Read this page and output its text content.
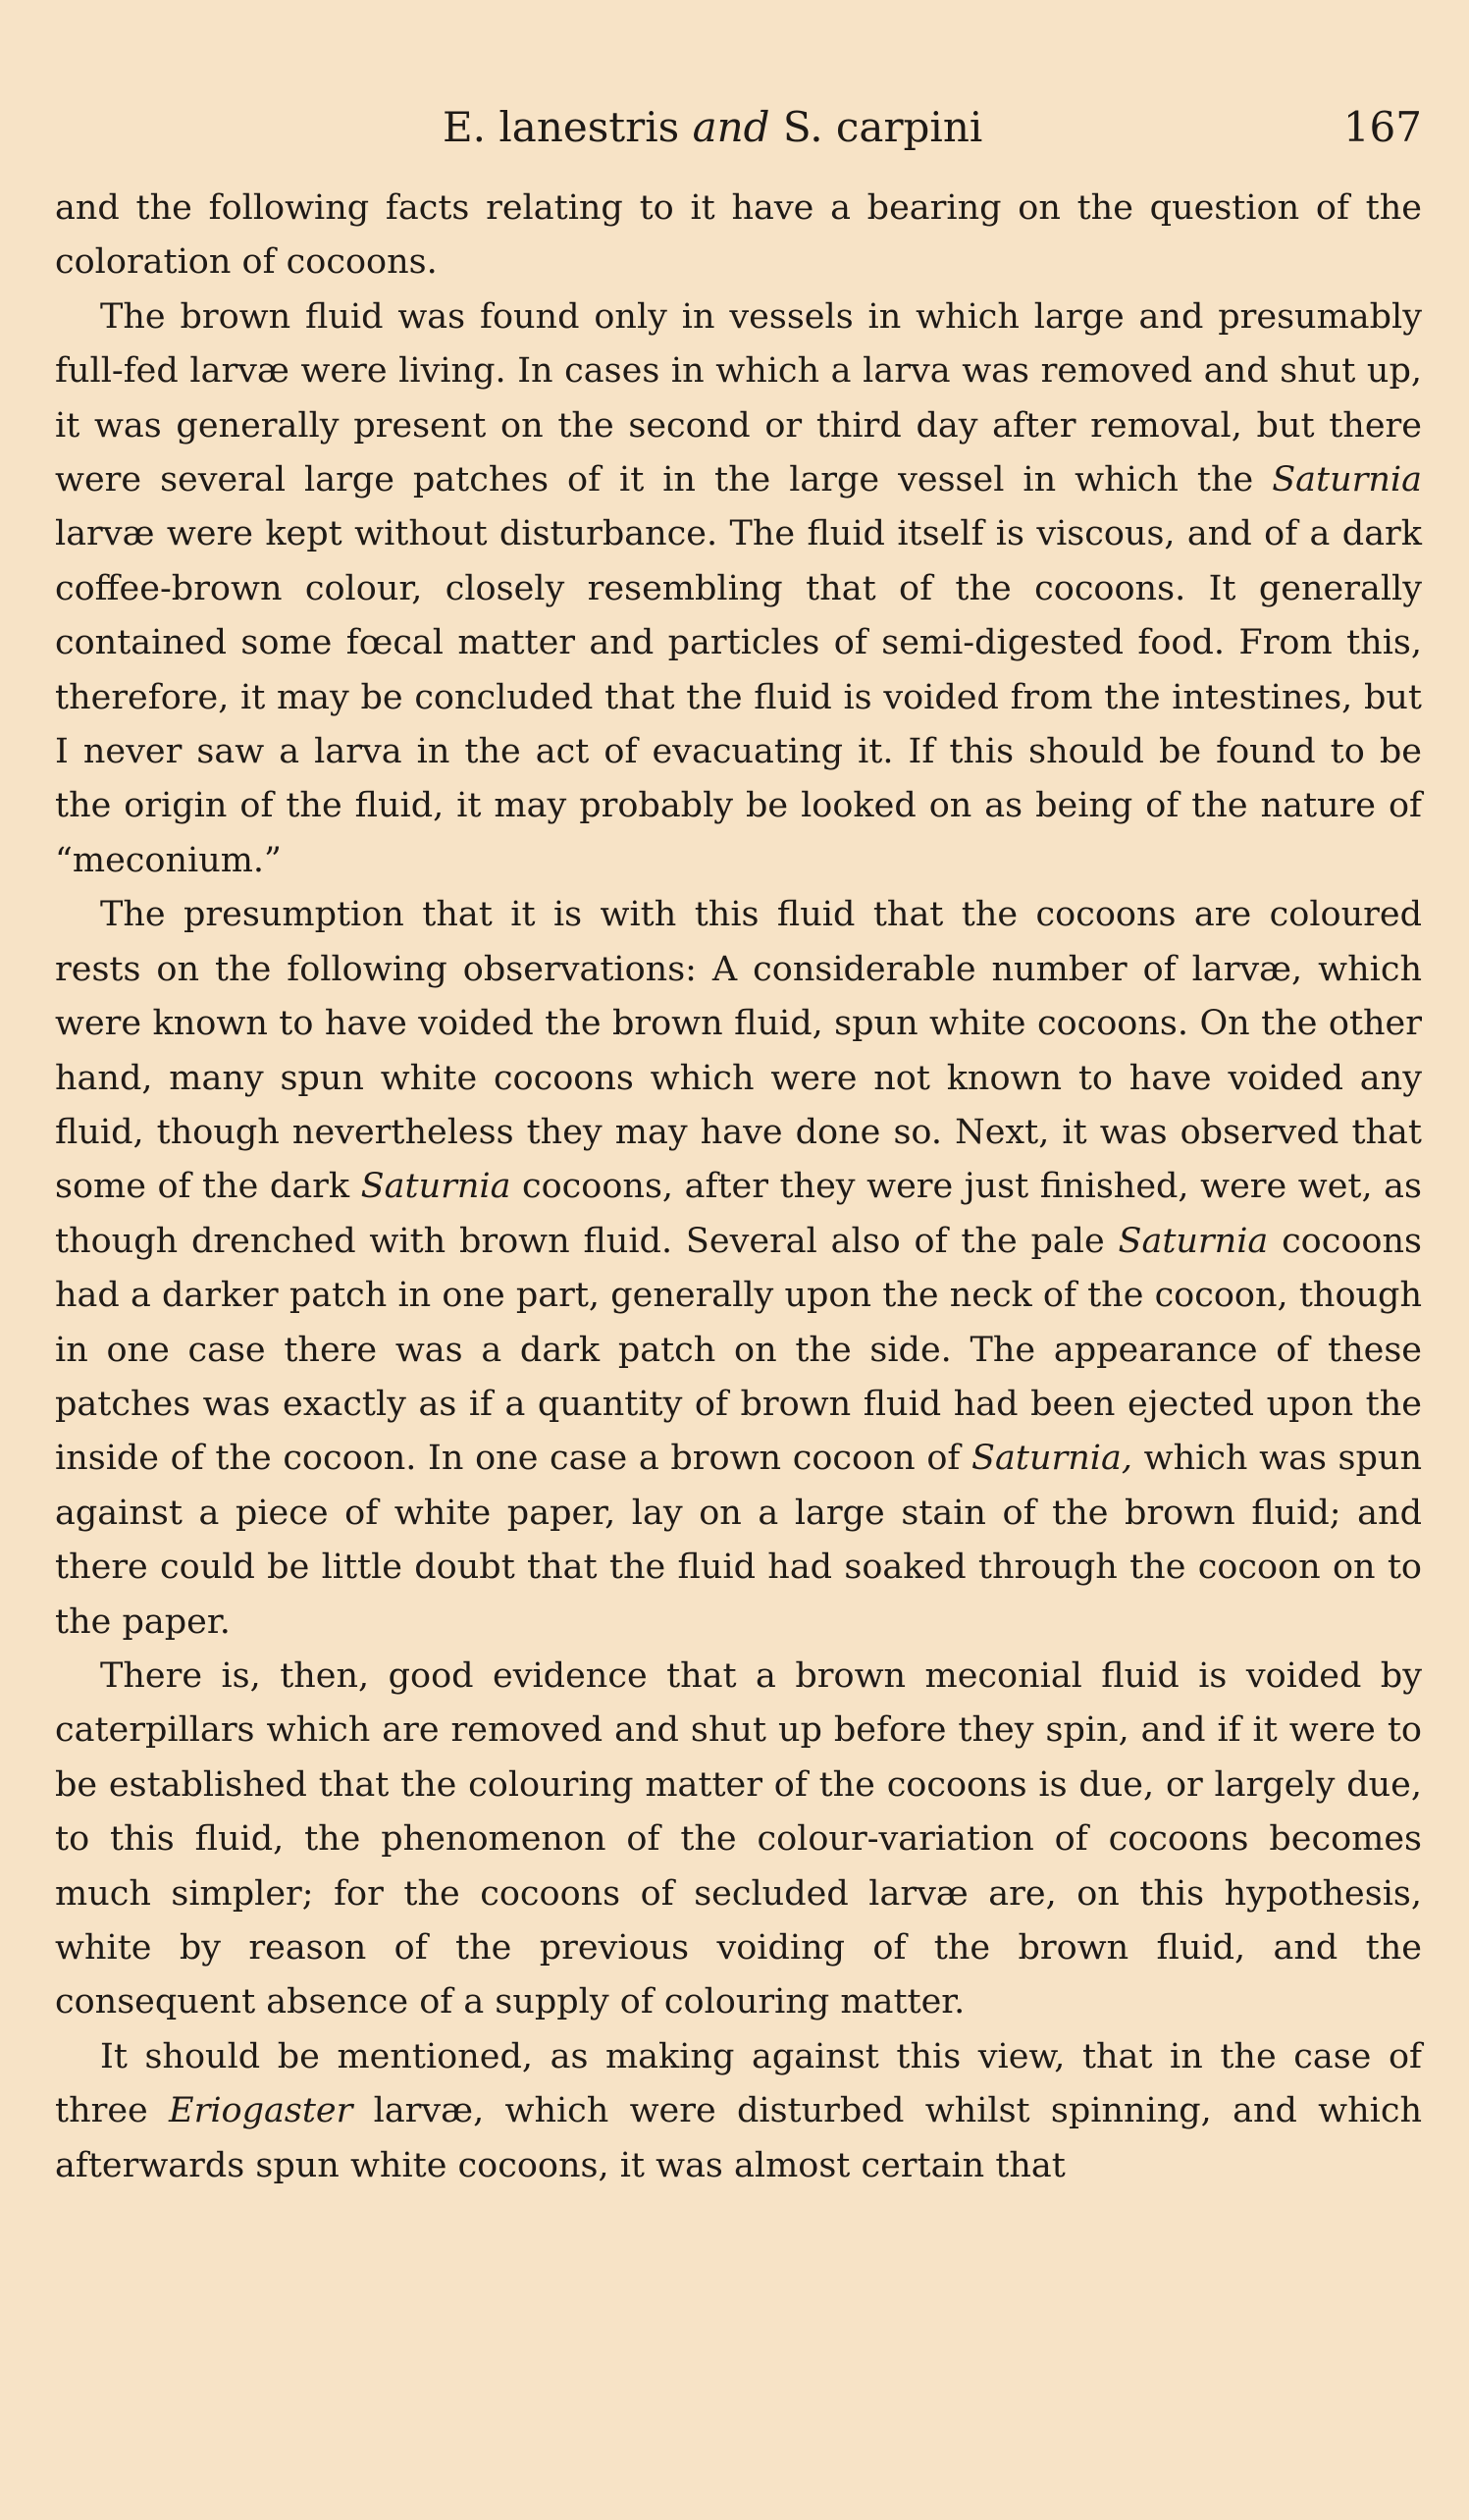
E. lanestris and S. carpini	167

and the following facts relating to it have a bearing on the question of the coloration of cocoons.

The brown fluid was found only in vessels in which large and presumably full-fed larvæ were living. In cases in which a larva was removed and shut up, it was generally present on the second or third day after removal, but there were several large patches of it in the large vessel in which the Saturnia larvæ were kept without disturbance. The fluid itself is viscous, and of a dark coffee-brown colour, closely resembling that of the cocoons. It generally contained some fœcal matter and particles of semi-digested food. From this, therefore, it may be concluded that the fluid is voided from the intestines, but I never saw a larva in the act of evacuating it. If this should be found to be the origin of the fluid, it may probably be looked on as being of the nature of “meconium.”

The presumption that it is with this fluid that the cocoons are coloured rests on the following observations: A considerable number of larvæ, which were known to have voided the brown fluid, spun white cocoons. On the other hand, many spun white cocoons which were not known to have voided any fluid, though nevertheless they may have done so. Next, it was observed that some of the dark Saturnia cocoons, after they were just finished, were wet, as though drenched with brown fluid. Several also of the pale Saturnia cocoons had a darker patch in one part, generally upon the neck of the cocoon, though in one case there was a dark patch on the side. The appearance of these patches was exactly as if a quantity of brown fluid had been ejected upon the inside of the cocoon. In one case a brown cocoon of Saturnia, which was spun against a piece of white paper, lay on a large stain of the brown fluid; and there could be little doubt that the fluid had soaked through the cocoon on to the paper.

There is, then, good evidence that a brown meconial fluid is voided by caterpillars which are removed and shut up before they spin, and if it were to be established that the colouring matter of the cocoons is due, or largely due, to this fluid, the phenomenon of the colour-variation of cocoons becomes much simpler; for the cocoons of secluded larvæ are, on this hypothesis, white by reason of the previous voiding of the brown fluid, and the consequent absence of a supply of colouring matter.

It should be mentioned, as making against this view, that in the case of three Eriogaster larvæ, which were disturbed whilst spinning, and which afterwards spun white cocoons, it was almost certain that
